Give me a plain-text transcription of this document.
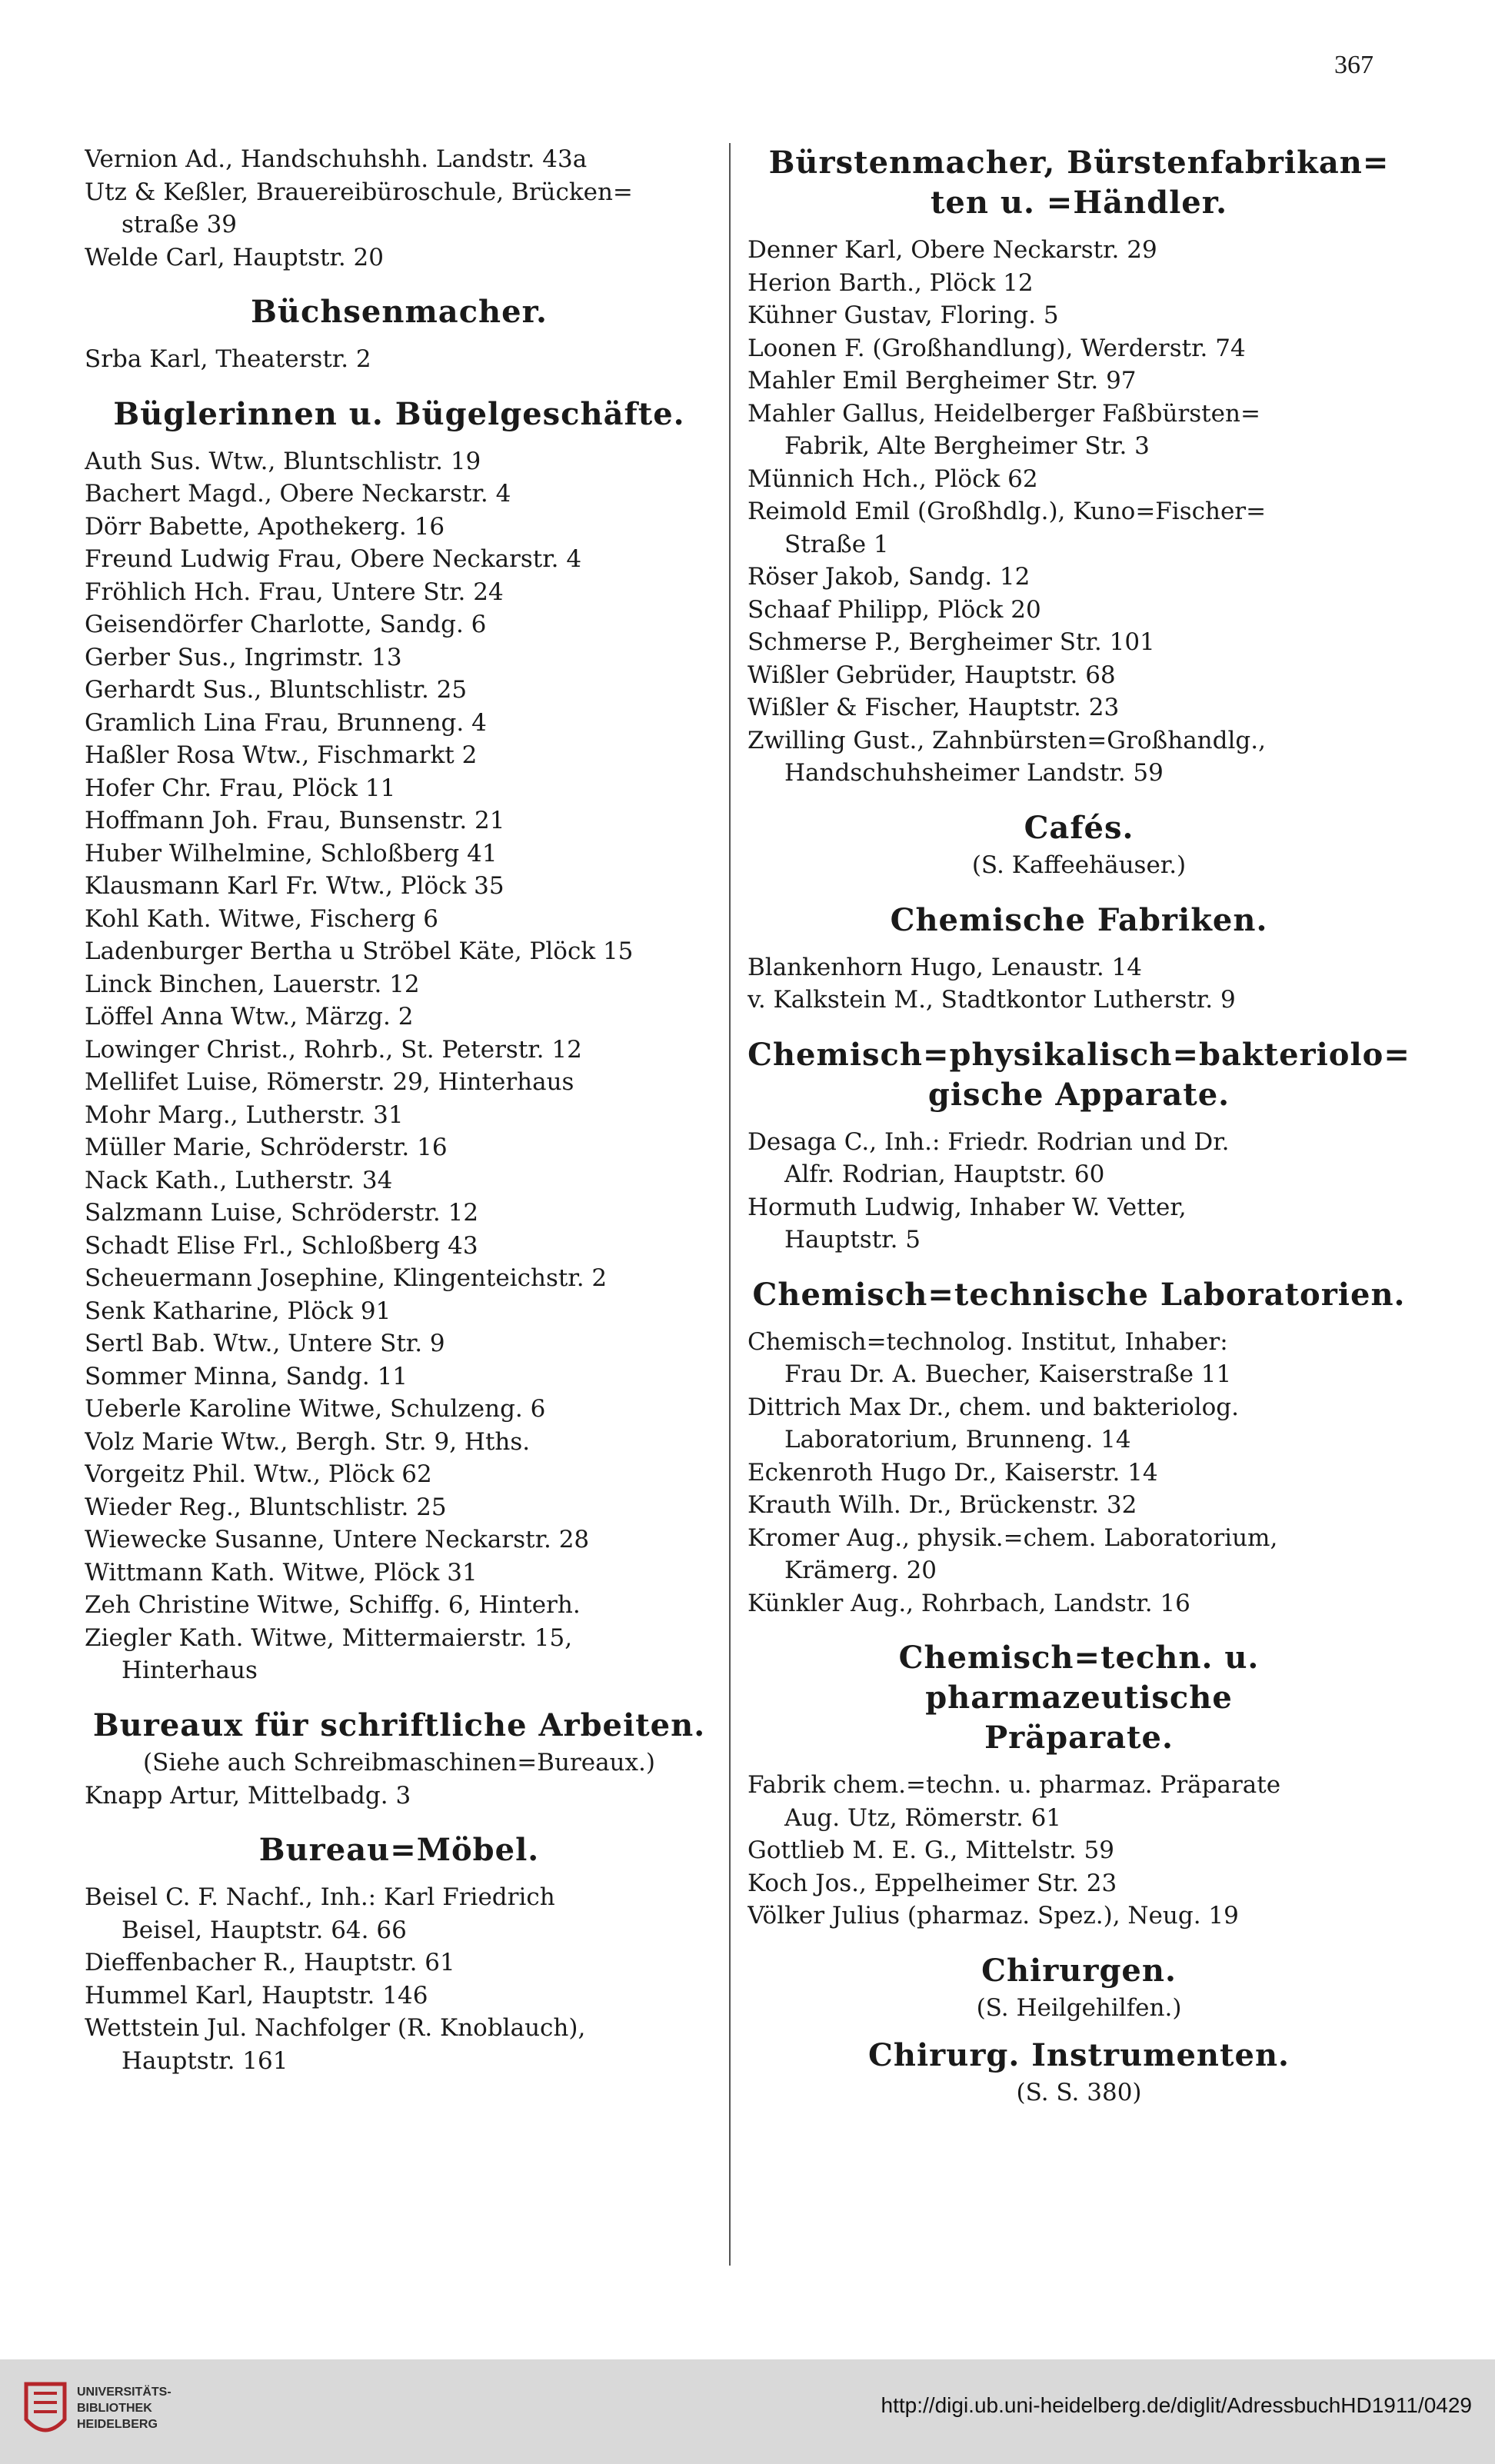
367
Vernion Ad., Handschuhshh. Landstr. 43a
Utz & Keßler, Brauereibüroschule, Brücken=
straße 39
Welde Carl, Hauptstr. 20
Büchsenmacher.
Srba Karl, Theaterstr. 2
Büglerinnen u. Bügelgeschäfte.
Auth Sus. Wtw., Bluntschlistr. 19
Bachert Magd., Obere Neckarstr. 4
Dörr Babette, Apothekerg. 16
Freund Ludwig Frau, Obere Neckarstr. 4
Fröhlich Hch. Frau, Untere Str. 24
Geisendörfer Charlotte, Sandg. 6
Gerber Sus., Ingrimstr. 13
Gerhardt Sus., Bluntschlistr. 25
Gramlich Lina Frau, Brunneng. 4
Haßler Rosa Wtw., Fischmarkt 2
Hofer Chr. Frau, Plöck 11
Hoffmann Joh. Frau, Bunsenstr. 21
Huber Wilhelmine, Schloßberg 41
Klausmann Karl Fr. Wtw., Plöck 35
Kohl Kath. Witwe, Fischerg 6
Ladenburger Bertha u Ströbel Käte, Plöck 15
Linck Binchen, Lauerstr. 12
Löffel Anna Wtw., Märzg. 2
Lowinger Christ., Rohrb., St. Peterstr. 12
Mellifet Luise, Römerstr. 29, Hinterhaus
Mohr Marg., Lutherstr. 31
Müller Marie, Schröderstr. 16
Nack Kath., Lutherstr. 34
Salzmann Luise, Schröderstr. 12
Schadt Elise Frl., Schloßberg 43
Scheuermann Josephine, Klingenteichstr. 2
Senk Katharine, Plöck 91
Sertl Bab. Wtw., Untere Str. 9
Sommer Minna, Sandg. 11
Ueberle Karoline Witwe, Schulzeng. 6
Volz Marie Wtw., Bergh. Str. 9, Hths.
Vorgeitz Phil. Wtw., Plöck 62
Wieder Reg., Bluntschlistr. 25
Wiewecke Susanne, Untere Neckarstr. 28
Wittmann Kath. Witwe, Plöck 31
Zeh Christine Witwe, Schiffg. 6, Hinterh.
Ziegler Kath. Witwe, Mittermaierstr. 15,
Hinterhaus
Bureaux für schriftliche Arbeiten.
(Siehe auch Schreibmaschinen=Bureaux.)
Knapp Artur, Mittelbadg. 3
Bureau=Möbel.
Beisel C. F. Nachf., Inh.: Karl Friedrich
Beisel, Hauptstr. 64. 66
Dieffenbacher R., Hauptstr. 61
Hummel Karl, Hauptstr. 146
Wettstein Jul. Nachfolger (R. Knoblauch),
Hauptstr. 161
Bürstenmacher, Bürstenfabrikan=
ten u. =Händler.
Denner Karl, Obere Neckarstr. 29
Herion Barth., Plöck 12
Kühner Gustav, Floring. 5
Loonen F. (Großhandlung), Werderstr. 74
Mahler Emil Bergheimer Str. 97
Mahler Gallus, Heidelberger Faßbürsten=
Fabrik, Alte Bergheimer Str. 3
Münnich Hch., Plöck 62
Reimold Emil (Großhdlg.), Kuno=Fischer=
Straße 1
Röser Jakob, Sandg. 12
Schaaf Philipp, Plöck 20
Schmerse P., Bergheimer Str. 101
Wißler Gebrüder, Hauptstr. 68
Wißler & Fischer, Hauptstr. 23
Zwilling Gust., Zahnbürsten=Großhandlg.,
Handschuhsheimer Landstr. 59
Cafés.
(S. Kaffeehäuser.)
Chemische Fabriken.
Blankenhorn Hugo, Lenaustr. 14
v. Kalkstein M., Stadtkontor Lutherstr. 9
Chemisch=physikalisch=bakteriolo=
gische Apparate.
Desaga C., Inh.: Friedr. Rodrian und Dr.
Alfr. Rodrian, Hauptstr. 60
Hormuth Ludwig, Inhaber W. Vetter,
Hauptstr. 5
Chemisch=technische Laboratorien.
Chemisch=technolog. Institut, Inhaber:
Frau Dr. A. Buecher, Kaiserstraße 11
Dittrich Max Dr., chem. und bakteriolog.
Laboratorium, Brunneng. 14
Eckenroth Hugo Dr., Kaiserstr. 14
Krauth Wilh. Dr., Brückenstr. 32
Kromer Aug., physik.=chem. Laboratorium,
Krämerg. 20
Künkler Aug., Rohrbach, Landstr. 16
Chemisch=techn. u. pharmazeutische
Präparate.
Fabrik chem.=techn. u. pharmaz. Präparate
Aug. Utz, Römerstr. 61
Gottlieb M. E. G., Mittelstr. 59
Koch Jos., Eppelheimer Str. 23
Völker Julius (pharmaz. Spez.), Neug. 19
Chirurgen.
(S. Heilgehilfen.)
Chirurg. Instrumenten.
(S. S. 380)
UNIVERSITÄTS-
BIBLIOTHEK
HEIDELBERG
http://digi.ub.uni-heidelberg.de/diglit/AdressbuchHD1911/0429
